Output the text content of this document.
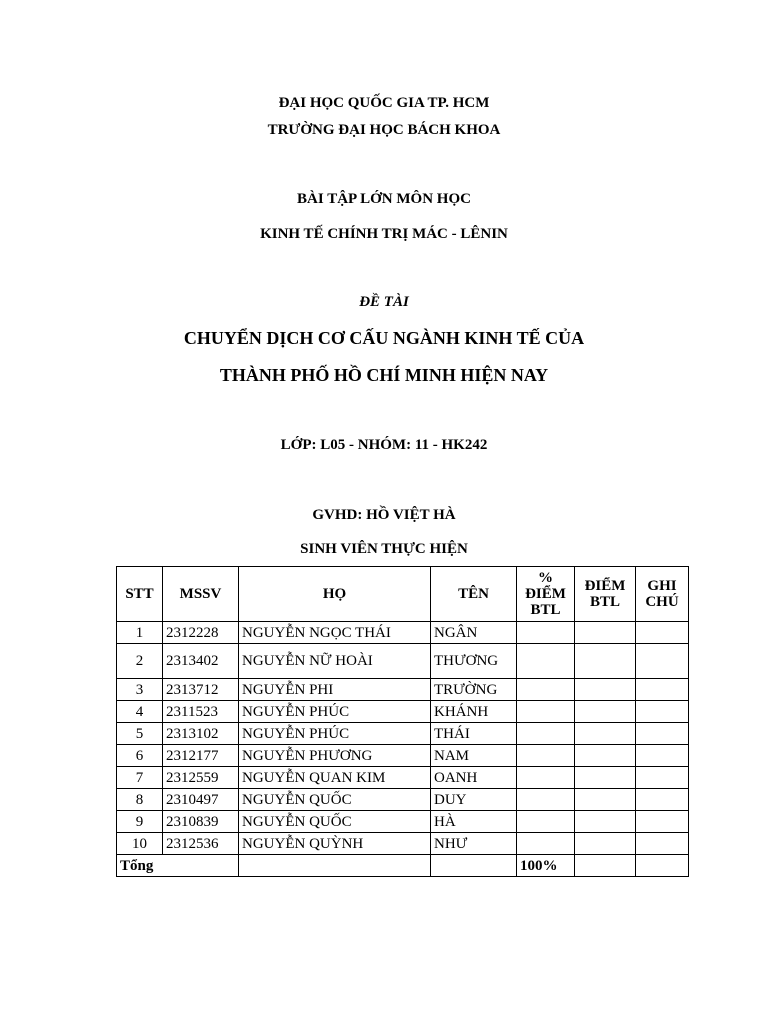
ĐẠI HỌC QUỐC GIA TP. HCM
TRƯỜNG ĐẠI HỌC BÁCH KHOA
BÀI TẬP LỚN MÔN HỌC
KINH TẾ CHÍNH TRỊ MÁC - LÊNIN
ĐỀ TÀI
CHUYỂN DỊCH CƠ CẤU NGÀNH KINH TẾ CỦA
THÀNH PHỐ HỒ CHÍ MINH HIỆN NAY
LỚP: L05 - NHÓM: 11 - HK242
GVHD: HỒ VIỆT HÀ
SINH VIÊN THỰC HIỆN
STT	MSSV	HỌ	TÊN	% ĐIỂM BTL	ĐIỂM BTL	GHI CHÚ
1	2312228	NGUYỄN NGỌC THÁI	NGÂN			
2	2313402	NGUYỄN NỮ HOÀI	THƯƠNG			
3	2313712	NGUYỄN PHI	TRƯỜNG			
4	2311523	NGUYỄN PHÚC	KHÁNH			
5	2313102	NGUYỄN PHÚC	THÁI			
6	2312177	NGUYỄN PHƯƠNG	NAM			
7	2312559	NGUYỄN QUAN KIM	OANH			
8	2310497	NGUYỄN QUỐC	DUY			
9	2310839	NGUYỄN QUỐC	HÀ			
10	2312536	NGUYỄN QUỲNH	NHƯ			
Tổng				100%		
